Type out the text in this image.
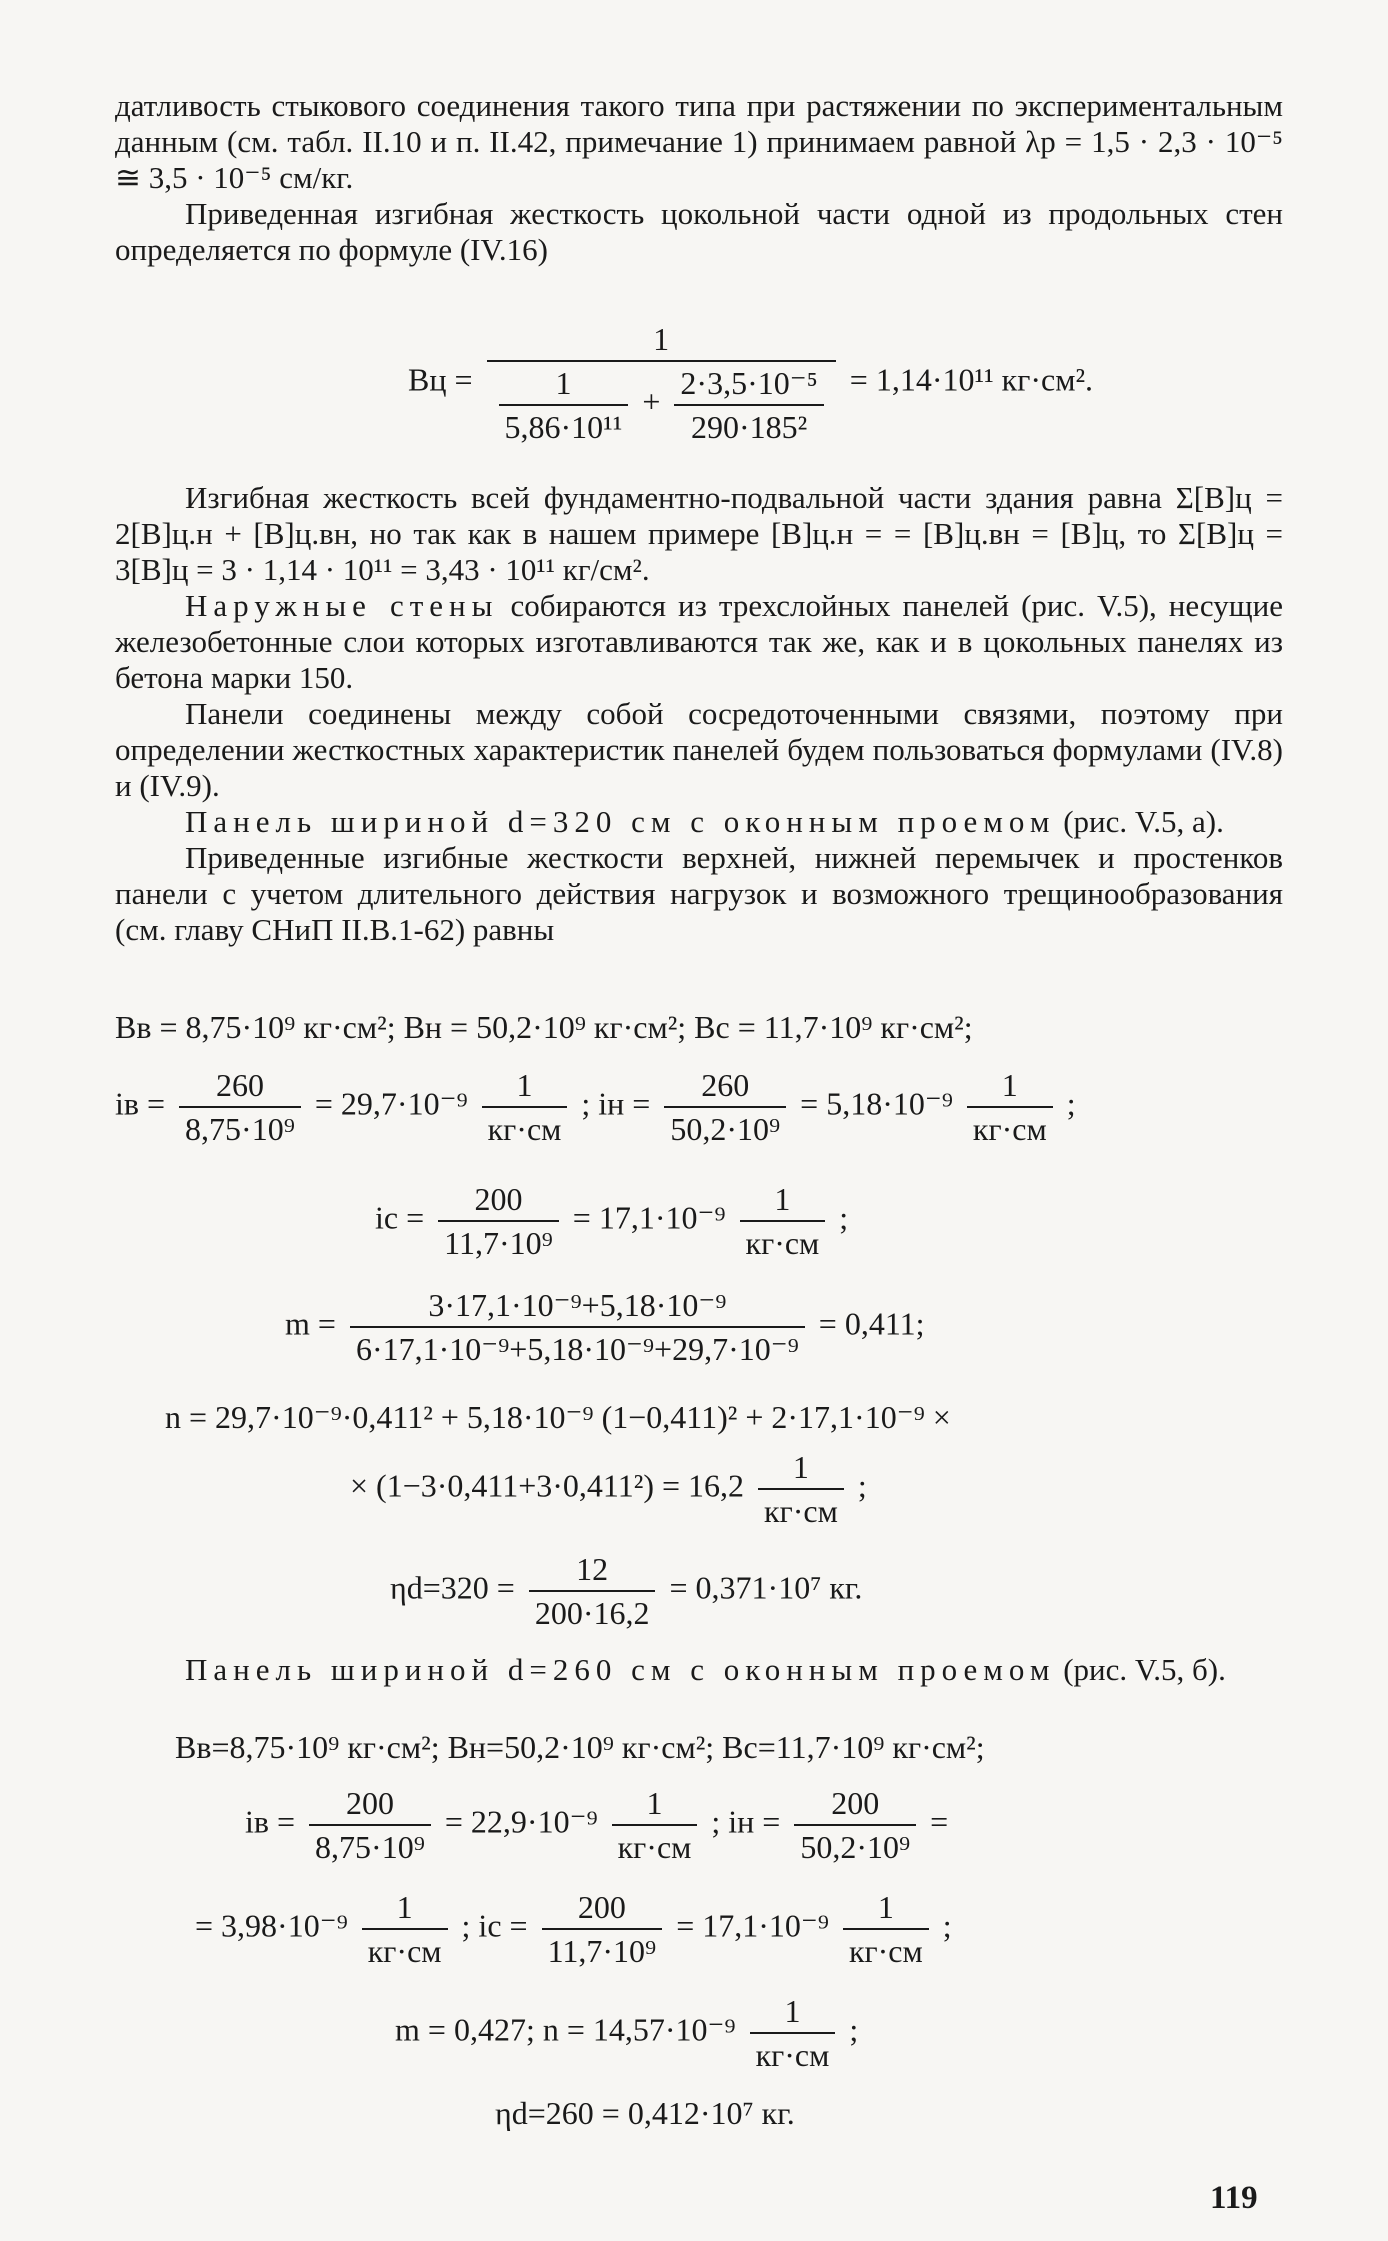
датливость стыкового соединения такого типа при растяжении по экспериментальным данным (см. табл. II.10 и п. II.42, примечание 1) принимаем равной λр = 1,5 · 2,3 · 10⁻⁵ ≅ 3,5 · 10⁻⁵ см/кг.

Приведенная изгибная жесткость цокольной части одной из продольных стен определяется по формуле (IV.16)

Bц =
1
$\frac{1}{\text{5,86·10¹¹}} + \frac{\text{2·3,5·10⁻⁵}}{\text{290·185²}} = 1,14\cdot 10^{11}$ кг·см².

Изгибная жесткость всей фундаментно-подвальной части здания равна Σ[B]ц = 2[B]ц.н + [B]ц.вн, но так как в нашем примере [B]ц.н = = [B]ц.вн = [B]ц, то Σ[B]ц = 3[B]ц = 3 · 1,14 · 10¹¹ = 3,43 · 10¹¹ кг/см².

Наружные стены собираются из трехслойных панелей (рис. V.5), несущие железобетонные слои которых изготавливаются так же, как и в цокольных панелях из бетона марки 150.

Панели соединены между собой сосредоточенными связями, поэтому при определении жесткостных характеристик панелей будем пользоваться формулами (IV.8) и (IV.9).

Панель шириной d=320 см с оконным проемом (рис. V.5, а).

Приведенные изгибные жесткости верхней, нижней перемычек и простенков панели с учетом длительного действия нагрузок и возможного трещинообразования (см. главу СНиП II.В.1-62) равны

Bв = 8,75·10⁹ кг·см²; Bн = 50,2·10⁹ кг·см²; Bс = 11,7·10⁹ кг·см²;
iв = $\frac{260}{\text{8,75·10⁹}} = 29,7\cdot 10^{-9} \frac{1}{кг\cdot см}$ ; iн = $\frac{260}{\text{50,2·10⁹}} = 5,18\cdot 10^{-9} \frac{1}{кг\cdot см}$ ;
iс = $\frac{200}{\text{11,7·10⁹}} = 17,1\cdot 10^{-9} \frac{1}{кг\cdot см}$ ;
$m = \frac{\text{3·17,1·10⁻⁹+5,18·10⁻⁹}}{\text{6·17,1·10⁻⁹+5,18·10⁻⁹+29,7·10⁻⁹}} = 0,411$;
n = 29,7·10⁻⁹·0,411² + 5,18·10⁻⁹ (1−0,411)² + 2·17,1·10⁻⁹ ×
× $(1-3\cdot 0,411+3\cdot 0,411^2) = 16,2 \frac{1}{кг\cdot см}$ ;
$\eta d=320 = \frac{12}{200\cdot 16,2} = 0,371\cdot 10^7$ кг.

Панель шириной d=260 см с оконным проемом (рис. V.5, б).

Bв=8,75·10⁹ кг·см²; Bн=50,2·10⁹ кг·см²; Bс=11,7·10⁹ кг·см²;
iв = $\frac{200}{\text{8,75·10⁹}} = 22,9\cdot 10^{-9} \frac{1}{кг\cdot см}$ ; iн = $\frac{200}{\text{50,2·10⁹}}$ =
= $3,98\cdot 10^{-9} \frac{1}{кг\cdot см}$ ; iс = $\frac{200}{\text{11,7·10⁹}} = 17,1\cdot 10^{-9} \frac{1}{кг\cdot см}$ ;
m = 0,427; $n = 14,57\cdot 10^{-9} \frac{1}{кг\cdot см}$ ;
ηd=260 = 0,412·10⁷ кг.
119
